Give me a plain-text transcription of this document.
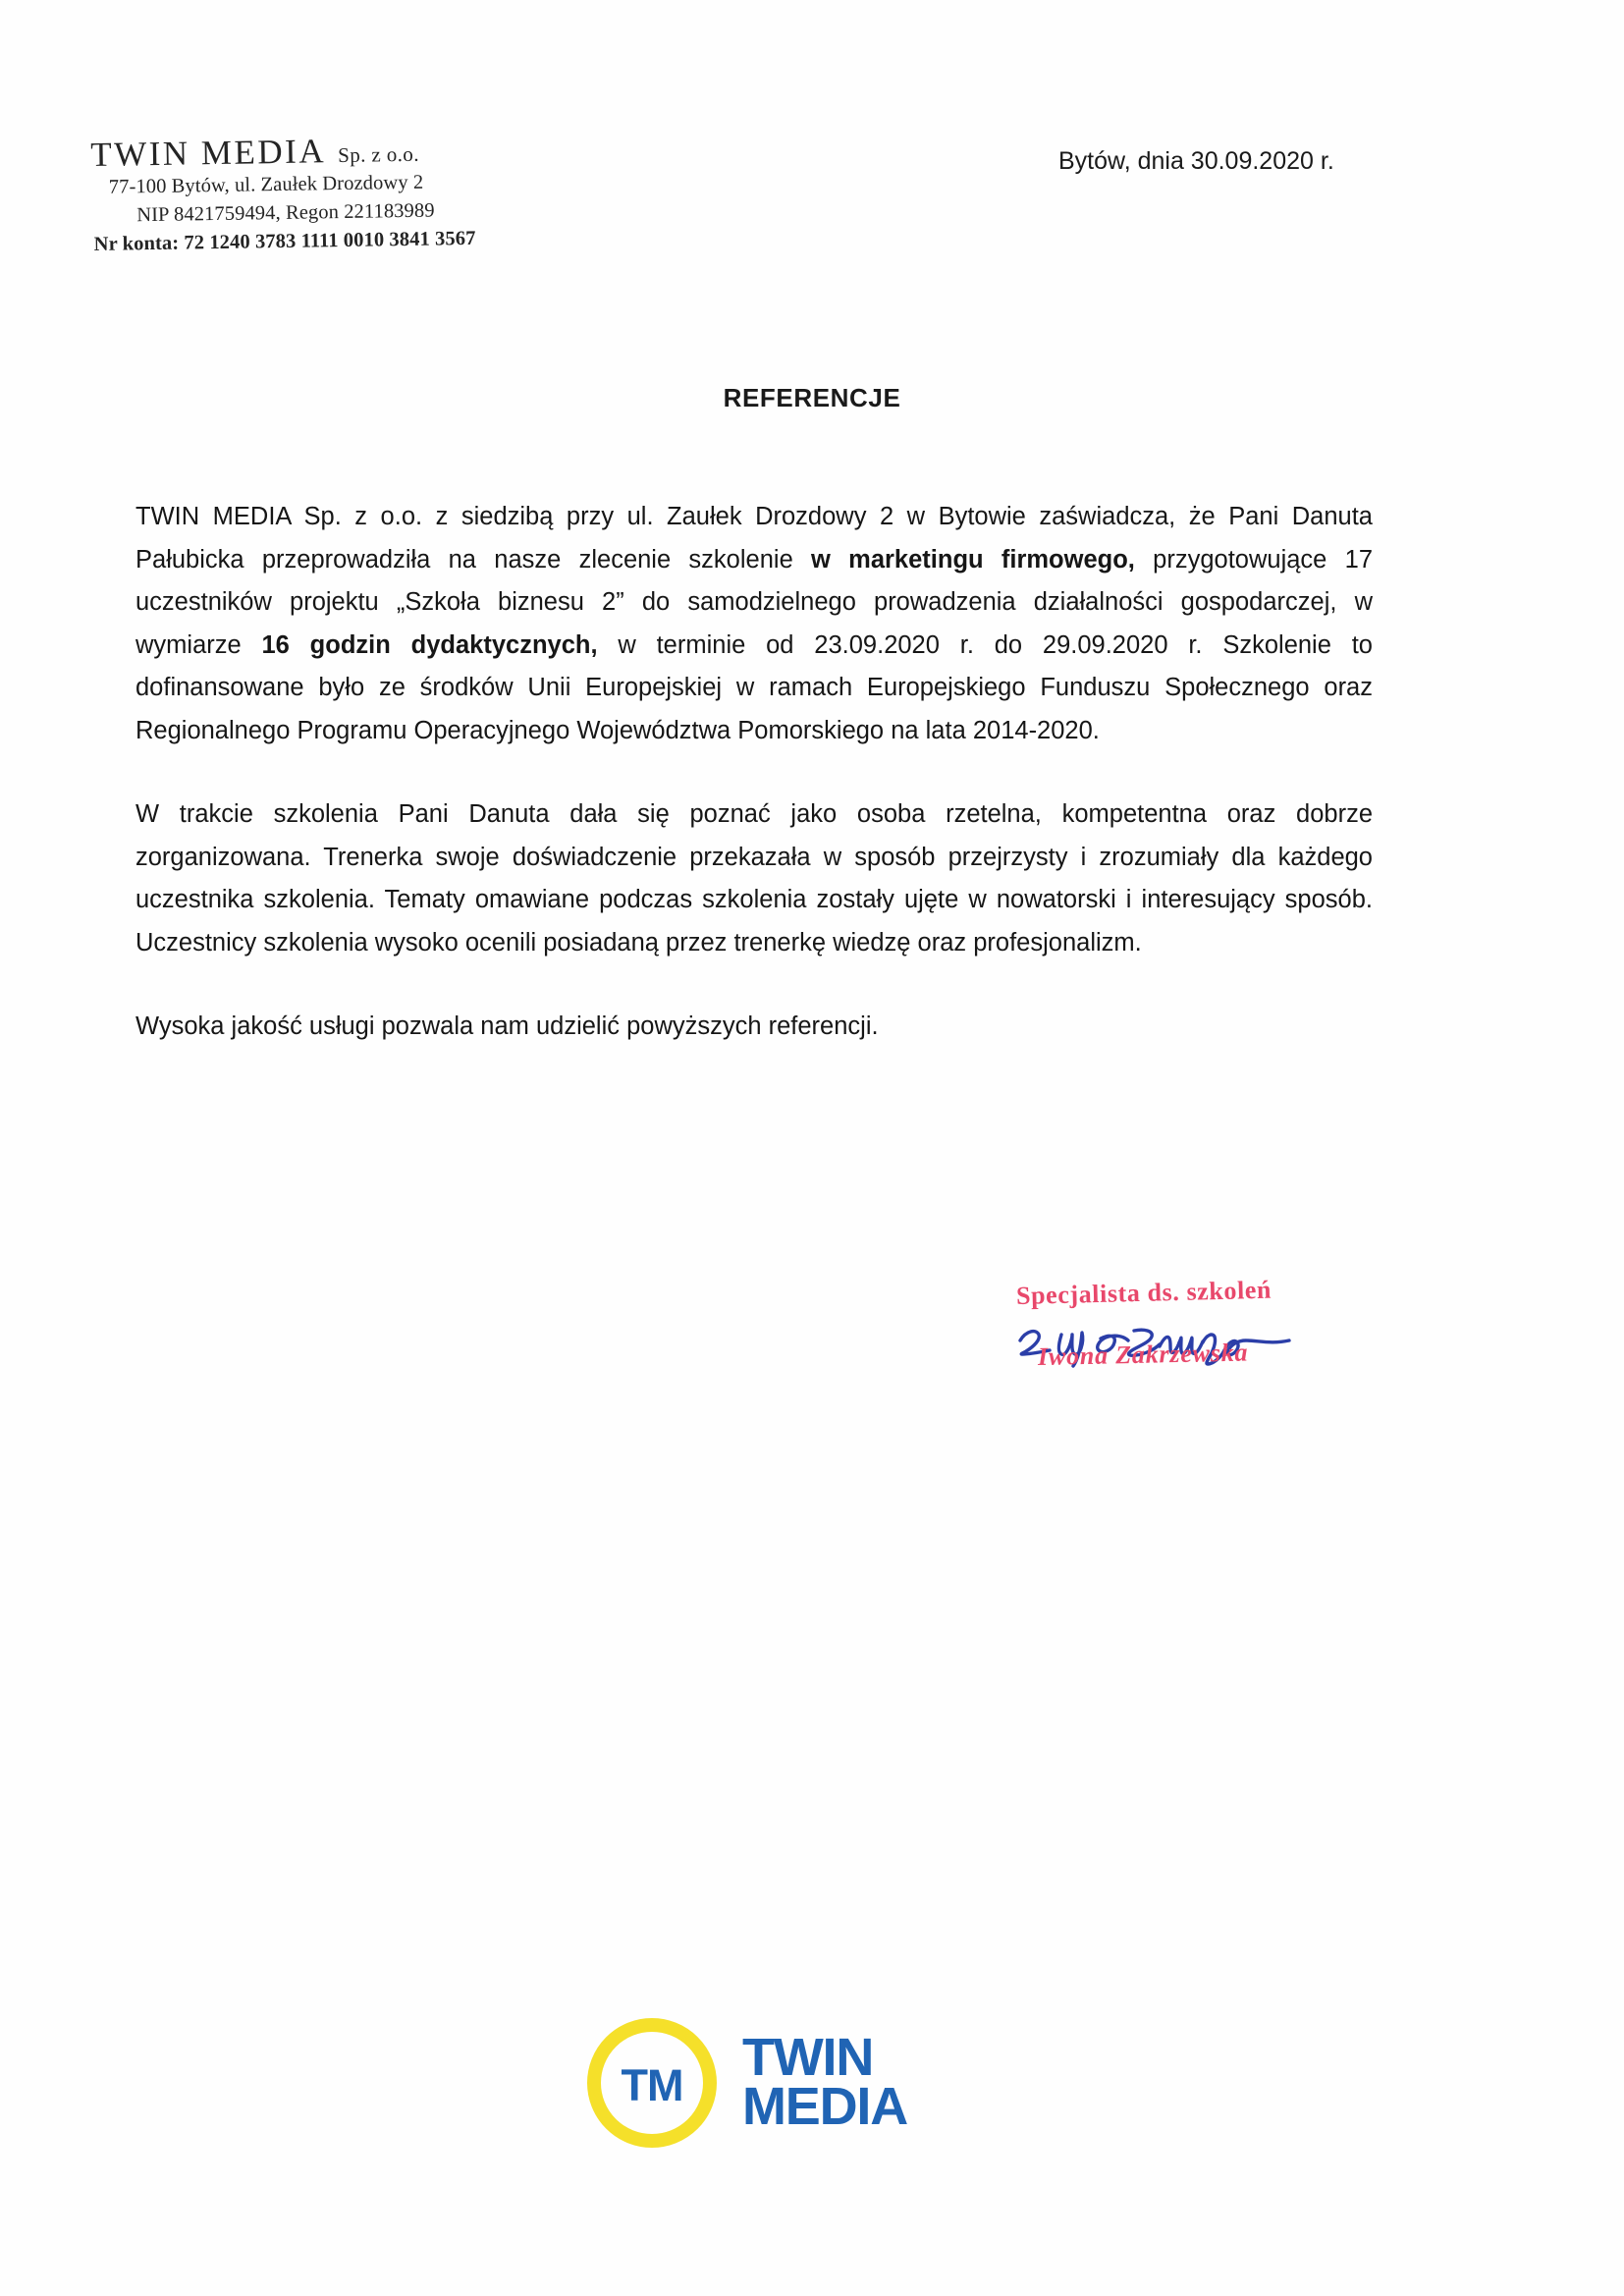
TWIN MEDIA Sp. z o.o.
77-100 Bytów, ul. Zaułek Drozdowy 2
NIP 8421759494, Regon 221183989
Nr konta: 72 1240 3783 1111 0010 3841 3567
Bytów, dnia 30.09.2020 r.
REFERENCJE

TWIN MEDIA Sp. z o.o. z siedzibą przy ul. Zaułek Drozdowy 2 w Bytowie zaświadcza, że Pani Danuta Pałubicka przeprowadziła na nasze zlecenie szkolenie w marketingu firmowego, przygotowujące 17 uczestników projektu „Szkoła biznesu 2” do samodzielnego prowadzenia działalności gospodarczej, w wymiarze 16 godzin dydaktycznych, w terminie od 23.09.2020 r. do 29.09.2020 r. Szkolenie to dofinansowane było ze środków Unii Europejskiej w ramach Europejskiego Funduszu Społecznego oraz Regionalnego Programu Operacyjnego Województwa Pomorskiego na lata 2014-2020.

W trakcie szkolenia Pani Danuta dała się poznać jako osoba rzetelna, kompetentna oraz dobrze zorganizowana. Trenerka swoje doświadczenie przekazała w sposób przejrzysty i zrozumiały dla każdego uczestnika szkolenia. Tematy omawiane podczas szkolenia zostały ujęte w nowatorski i interesujący sposób. Uczestnicy szkolenia wysoko ocenili posiadaną przez trenerkę wiedzę oraz profesjonalizm.

Wysoka jakość usługi pozwala nam udzielić powyższych referencji.

Specjalista ds. szkoleń
Iwona Zakrzewska
TM TWIN
MEDIA
